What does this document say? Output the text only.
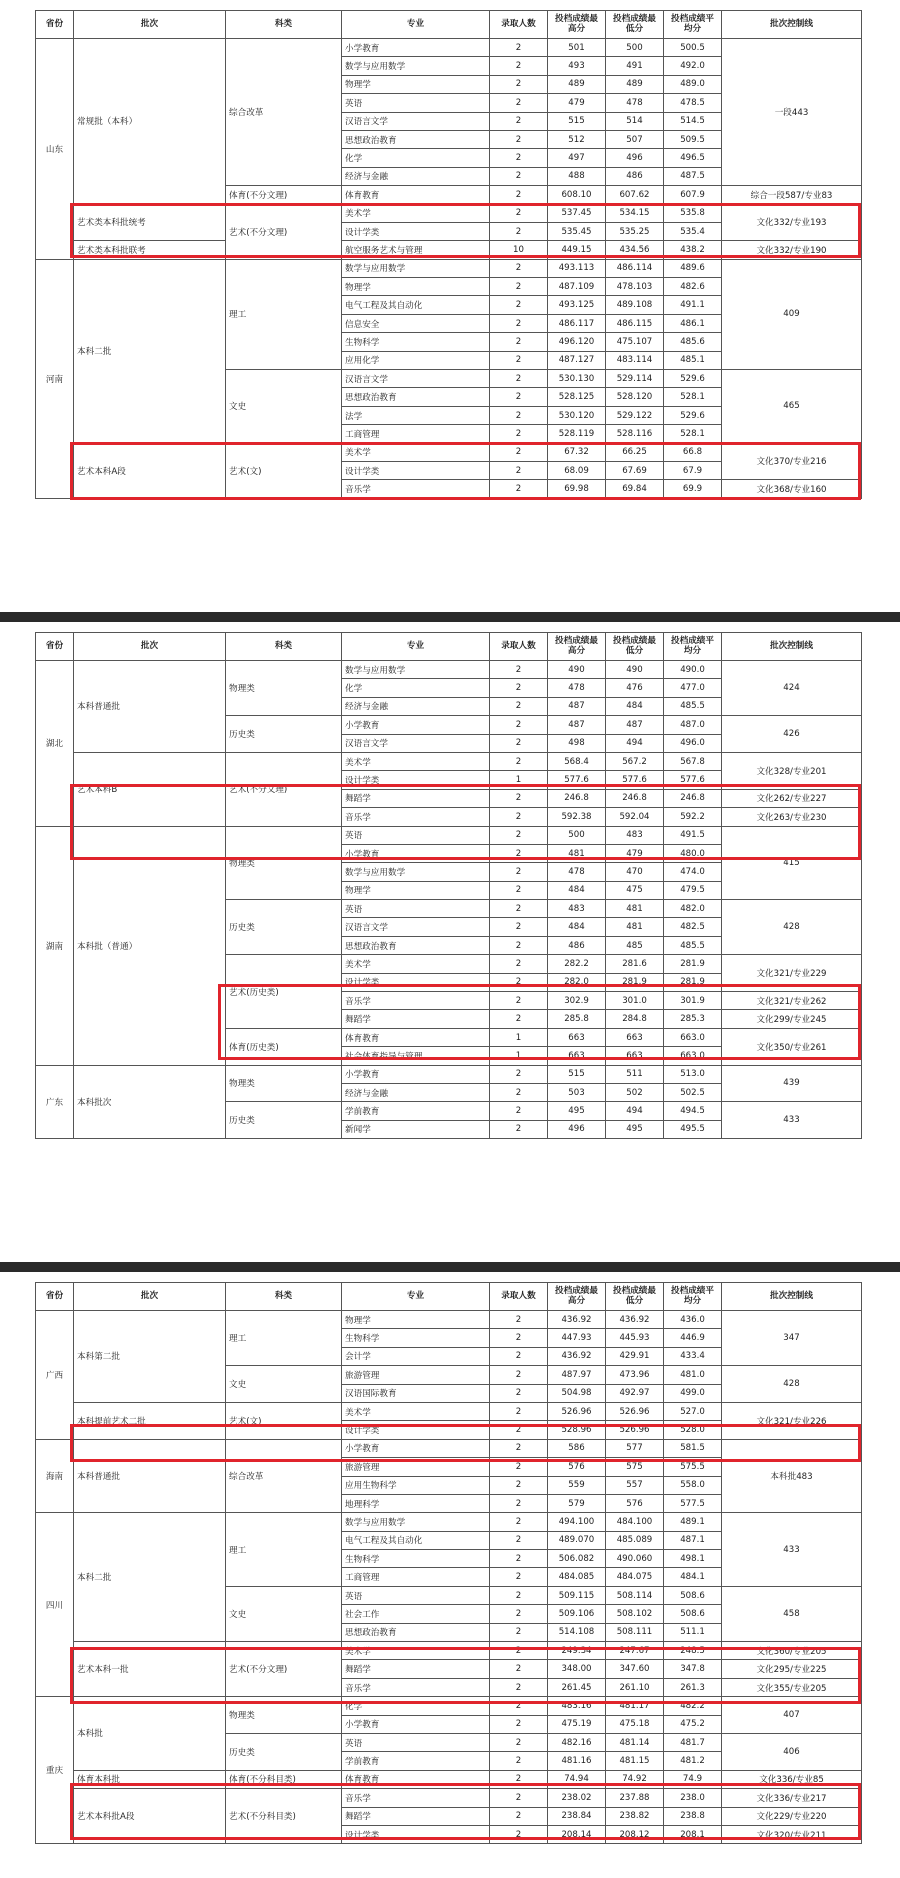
省份	批次	科类	专业	录取人数	投档成绩最高分	投档成绩最低分	投档成绩平均分	批次控制线
山东	常规批（本科）	综合改革	小学教育	2	501	500	500.5	一段443
			数学与应用数学	2	493	491	492.0	
			物理学	2	489	489	489.0	
			英语	2	479	478	478.5	
			汉语言文学	2	515	514	514.5	
			思想政治教育	2	512	507	509.5	
			化学	2	497	496	496.5	
			经济与金融	2	488	486	487.5	
		体育(不分文理)	体育教育	2	608.10	607.62	607.9	综合一段587/专业83
	艺术类本科批统考	艺术(不分文理)	美术学	2	537.45	534.15	535.8	文化332/专业193
			设计学类	2	535.45	535.25	535.4	
	艺术类本科批联考		航空服务艺术与管理	10	449.15	434.56	438.2	文化332/专业190
河南	本科二批	理工	数学与应用数学	2	493.113	486.114	489.6	409
			物理学	2	487.109	478.103	482.6	
			电气工程及其自动化	2	493.125	489.108	491.1	
			信息安全	2	486.117	486.115	486.1	
			生物科学	2	496.120	475.107	485.6	
			应用化学	2	487.127	483.114	485.1	
		文史	汉语言文学	2	530.130	529.114	529.6	465
			思想政治教育	2	528.125	528.120	528.1	
			法学	2	530.120	529.122	529.6	
			工商管理	2	528.119	528.116	528.1	
	艺术本科A段	艺术(文)	美术学	2	67.32	66.25	66.8	文化370/专业216
			设计学类	2	68.09	67.69	67.9	
			音乐学	2	69.98	69.84	69.9	文化368/专业160
省份	批次	科类	专业	录取人数	投档成绩最高分	投档成绩最低分	投档成绩平均分	批次控制线
湖北	本科普通批	物理类	数学与应用数学	2	490	490	490.0	424
			化学	2	478	476	477.0	
			经济与金融	2	487	484	485.5	
		历史类	小学教育	2	487	487	487.0	426
			汉语言文学	2	498	494	496.0	
	艺术本科B	艺术(不分文理)	美术学	2	568.4	567.2	567.8	文化328/专业201
			设计学类	1	577.6	577.6	577.6	
			舞蹈学	2	246.8	246.8	246.8	文化262/专业227
			音乐学	2	592.38	592.04	592.2	文化263/专业230
湖南	本科批（普通）	物理类	英语	2	500	483	491.5	415
			小学教育	2	481	479	480.0	
			数学与应用数学	2	478	470	474.0	
			物理学	2	484	475	479.5	
		历史类	英语	2	483	481	482.0	428
			汉语言文学	2	484	481	482.5	
			思想政治教育	2	486	485	485.5	
		艺术(历史类)	美术学	2	282.2	281.6	281.9	文化321/专业229
			设计学类	2	282.0	281.9	281.9	
			音乐学	2	302.9	301.0	301.9	文化321/专业262
			舞蹈学	2	285.8	284.8	285.3	文化299/专业245
		体育(历史类)	体育教育	1	663	663	663.0	文化350/专业261
			社会体育指导与管理	1	663	663	663.0	
广东	本科批次	物理类	小学教育	2	515	511	513.0	439
			经济与金融	2	503	502	502.5	
		历史类	学前教育	2	495	494	494.5	433
			新闻学	2	496	495	495.5	
省份	批次	科类	专业	录取人数	投档成绩最高分	投档成绩最低分	投档成绩平均分	批次控制线
广西	本科第二批	理工	物理学	2	436.92	436.92	436.0	347
			生物科学	2	447.93	445.93	446.9	
			会计学	2	436.92	429.91	433.4	
		文史	旅游管理	2	487.97	473.96	481.0	428
			汉语国际教育	2	504.98	492.97	499.0	
	本科提前艺术二批	艺术(文)	美术学	2	526.96	526.96	527.0	文化321/专业226
			设计学类	2	528.96	526.96	528.0	
海南	本科普通批	综合改革	小学教育	2	586	577	581.5	本科批483
			旅游管理	2	576	575	575.5	
			应用生物科学	2	559	557	558.0	
			地理科学	2	579	576	577.5	
四川	本科二批	理工	数学与应用数学	2	494.100	484.100	489.1	433
			电气工程及其自动化	2	489.070	485.089	487.1	
			生物科学	2	506.082	490.060	498.1	
			工商管理	2	484.085	484.075	484.1	
		文史	英语	2	509.115	508.114	508.6	458
			社会工作	2	509.106	508.102	508.6	
			思想政治教育	2	514.108	508.111	511.1	
	艺术本科一批	艺术(不分文理)	美术学	2	249.34	247.67	248.5	文化360/专业205
			舞蹈学	2	348.00	347.60	347.8	文化295/专业225
			音乐学	2	261.45	261.10	261.3	文化355/专业205
重庆	本科批	物理类	化学	2	483.16	481.17	482.2	407
			小学教育	2	475.19	475.18	475.2	
		历史类	英语	2	482.16	481.14	481.7	406
			学前教育	2	481.16	481.15	481.2	
	体育本科批	体育(不分科目类)	体育教育	2	74.94	74.92	74.9	文化336/专业85
	艺术本科批A段	艺术(不分科目类)	音乐学	2	238.02	237.88	238.0	文化336/专业217
			舞蹈学	2	238.84	238.82	238.8	文化229/专业220
			设计学类	2	208.14	208.12	208.1	文化320/专业211
